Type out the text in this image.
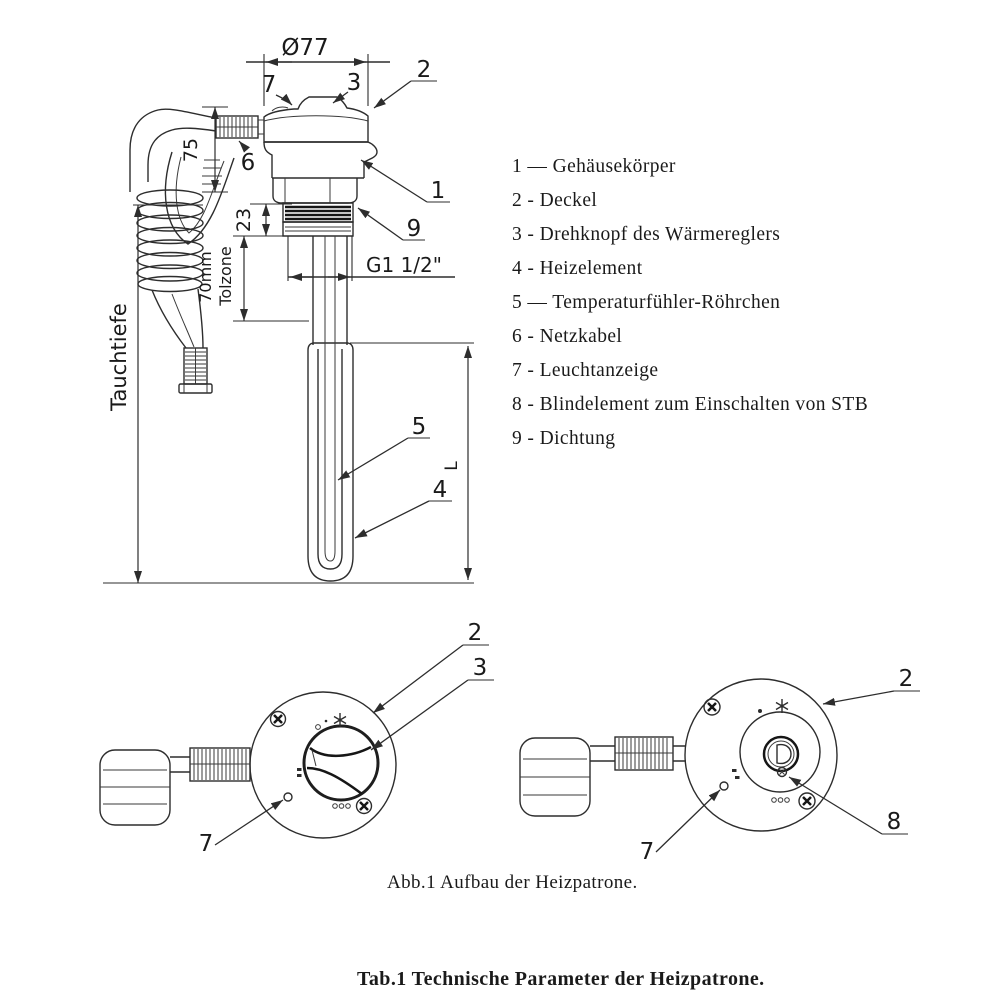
Ø77
L
75
23
70mm Tolzone
Tauchtiefe
G1 1/2"
7	3 2
6
1
9
5
4
2
3
7
2
7
8
1 — Gehäusekörper
2 - Deckel
3 - Drehknopf des Wärmereglers
4 - Heizelement
5 — Temperaturfühler-Röhrchen
6 - Netzkabel
7 - Leuchtanzeige
8 - Blindelement zum Einschalten von STB
9 - Dichtung
Abb.1 Aufbau der Heizpatrone.
Tab.1 Technische Parameter der Heizpatrone.
